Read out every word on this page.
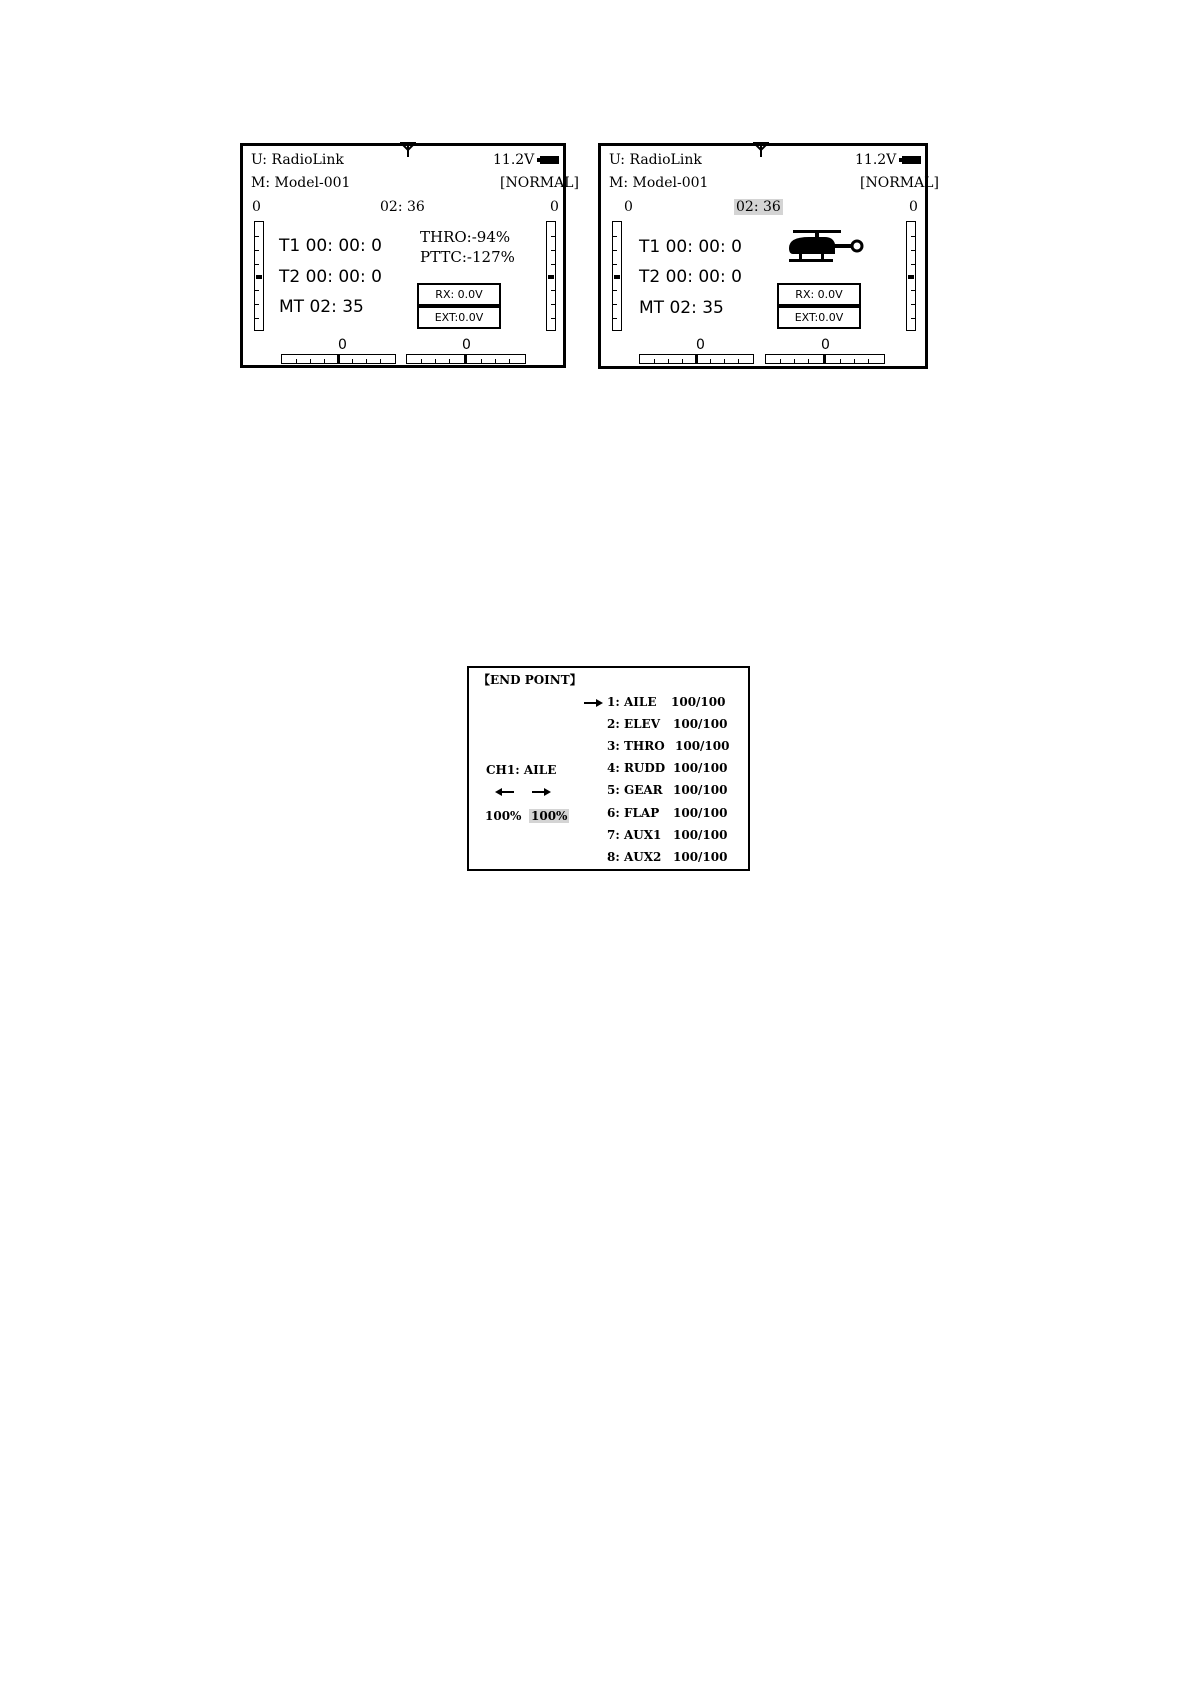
U: RadioLink	11.2V
M: Model-001	[NORMAL]
0	02: 36	0
T1 00: 00: 0
T2 00: 00: 0
MT 02: 35
THRO:-94%
PTTC:-127%
RX: 0.0V
EXT:0.0V
0	0
U: RadioLink	11.2V
M: Model-001	[NORMAL]
0	02: 36	0
T1 00: 00: 0
T2 00: 00: 0
MT 02: 35
RX: 0.0V
EXT:0.0V
0	0
【END POINT】
CH1: AILE
100% 100%
1: AILE 100/100
2: ELEV 100/100
3: THRO 100/100
4: RUDD 100/100
5: GEAR 100/100
6: FLAP 100/100
7: AUX1 100/100
8: AUX2 100/100
